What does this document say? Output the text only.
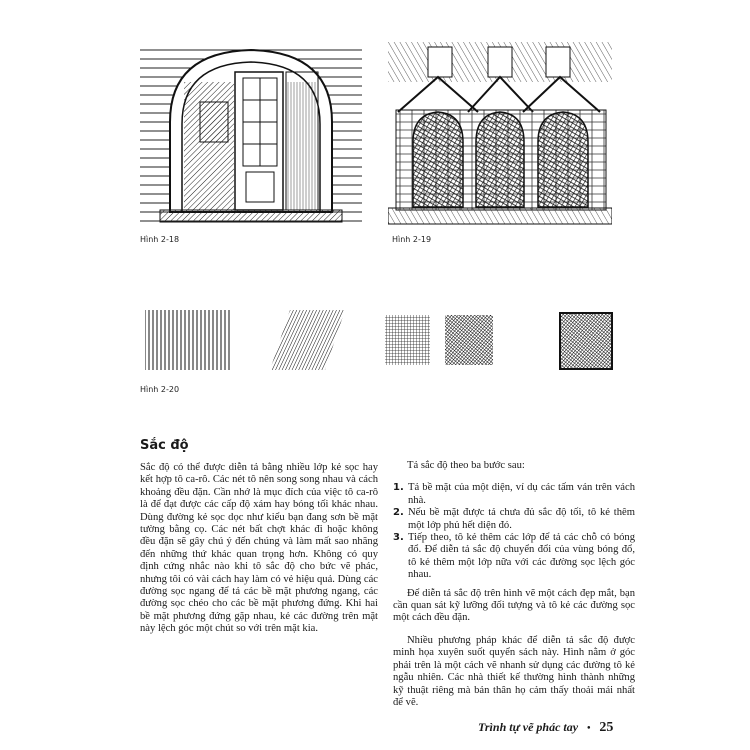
Hình 2-18	Hình 2-19
Hình 2-20
Sắc độ

Sắc độ có thể được diễn tả bằng nhiều lớp kẻ sọc hay kết hợp tô ca-rô. Các nét tô nên song song nhau và cách khoảng đều đặn. Cần nhớ là mục đích của việc tô ca-rô là để đạt được các cấp độ xám hay bóng tối khác nhau. Dùng đường kẻ sọc dọc như kiểu bạn đang sơn bề mặt tường bằng cọ. Các nét bất chợt khác đi hoặc không đều đặn sẽ gây chú ý đến chúng và làm mất sao nhãng đến những thứ khác quan trọng hơn. Không có quy định cứng nhắc nào khi tô sắc độ cho bức vẽ phác, nhưng tôi có vài cách hay làm có vẻ hiệu quả. Dùng các đường sọc ngang để tả các bề mặt phương ngang, các đường sọc chéo cho các bề mặt phương đứng. Khi hai bề mặt phương đứng gặp nhau, kẻ các đường trên mặt này lệch góc một chút so với trên mặt kia.

Tả sắc độ theo ba bước sau:

1. Tả bề mặt của một diện, ví dụ các tấm ván trên vách nhà.
2. Nếu bề mặt được tả chưa đủ sắc độ tối, tô kẻ thêm một lớp phủ hết diện đó.
3. Tiếp theo, tô kẻ thêm các lớp để tả các chỗ có bóng đổ. Để diễn tả sắc độ chuyển đổi của vùng bóng đổ, tô kẻ thêm một lớp nữa với các đường sọc lệch góc nhau.

Để diễn tả sắc độ trên hình vẽ một cách đẹp mắt, bạn cần quan sát kỹ lưỡng đối tượng và tô kẻ các đường sọc một cách đều đặn.

Nhiều phương pháp khác để diễn tả sắc độ được minh họa xuyên suốt quyển sách này. Hình nằm ở góc phải trên là một cách vẽ nhanh sử dụng các đường tô kẻ ngẫu nhiên. Các nhà thiết kế thường hình thành những kỹ thuật riêng mà bản thân họ cảm thấy thoải mái nhất để vẽ.

Trình tự vẽ phác tay • 25
